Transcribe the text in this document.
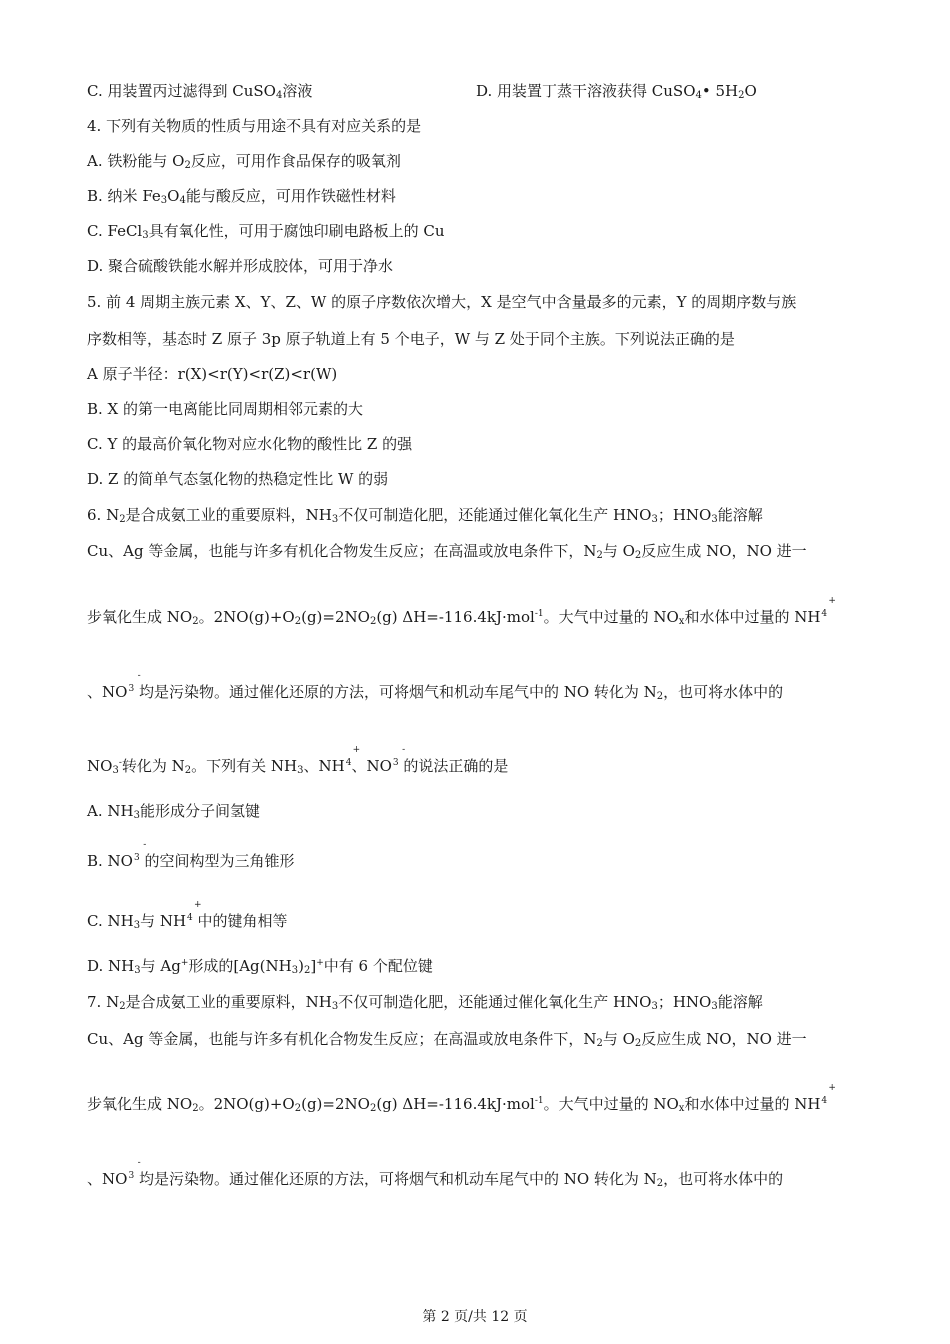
C. 用装置丙过滤得到 CuSO$_4$溶液	D. 用装置丁蒸干溶液获得 CuSO$_4$• $5H_2O$
4. 下列有关物质的性质与用途不具有对应关系的是
A. 铁粉能与 $O_2$反应，可用作食品保存的吸氧剂
B. 纳米 $Fe_3O_4$能与酸反应，可用作铁磁性材料
C. FeCl$_3$具有氧化性，可用于腐蚀印刷电路板上的 Cu
D. 聚合硫酸铁能水解并形成胶体，可用于净水
5. 前 4 周期主族元素 X、Y、Z、W 的原子序数依次增大，X 是空气中含量最多的元素，Y 的周期序数与族
序数相等，基态时 Z 原子 3p 原子轨道上有 5 个电子，W 与 Z 处于同个主族。下列说法正确的是
A 原子半径：r(X)<r(Y)<r(Z)<r(W)
B. X 的第一电离能比同周期相邻元素的大
C. Y 的最高价氧化物对应水化物的酸性比 Z 的强
D. Z 的简单气态氢化物的热稳定性比 W 的弱
6. $N_2$是合成氨工业的重要原料，$NH_3$不仅可制造化肥，还能通过催化氧化生产 $HNO_3$；$HNO_3$能溶解
Cu、Ag 等金属，也能与许多有机化合物发生反应；在高温或放电条件下，$N_2$与 $O_2$反应生成 NO，NO 进一
步氧化生成 $NO_2$。$2NO(g)+O_2(g)=2NO_2(g)$ ΔH=-116.4kJ·mol$^{-1}$。大气中过量的 $NO_x$和水体中过量的 NH
+
$^4$
、NO
-
$^3$ 均是污染物。通过催化还原的方法，可将烟气和机动车尾气中的 NO 转化为 $N_2$，也可将水体中的
$NO_3^-$转化为 $N_2$。下列有关 $NH_3$、NH
+
$^4$、NO
-
$^3$ 的说法正确的是
A. $NH_3$能形成分子间氢键
B. NO
-
$^3$ 的空间构型为三角锥形
C. $NH_3$与 NH
+
$^4$ 中的键角相等
D. $NH_3$与 Ag+形成的$[Ag(NH_3)_2]^+$中有 6 个配位键
7. $N_2$是合成氨工业的重要原料，$NH_3$不仅可制造化肥，还能通过催化氧化生产 $HNO_3$；$HNO_3$能溶解
Cu、Ag 等金属，也能与许多有机化合物发生反应；在高温或放电条件下，$N_2$与 $O_2$反应生成 NO，NO 进一
步氧化生成 $NO_2$。$2NO(g)+O_2(g)=2NO_2(g)$ ΔH=-116.4kJ·mol$^{-1}$。大气中过量的 $NO_x$和水体中过量的 NH
+
$^4$
、NO
-
$^3$ 均是污染物。通过催化还原的方法，可将烟气和机动车尾气中的 NO 转化为 $N_2$，也可将水体中的
第 2 页/共 12 页
